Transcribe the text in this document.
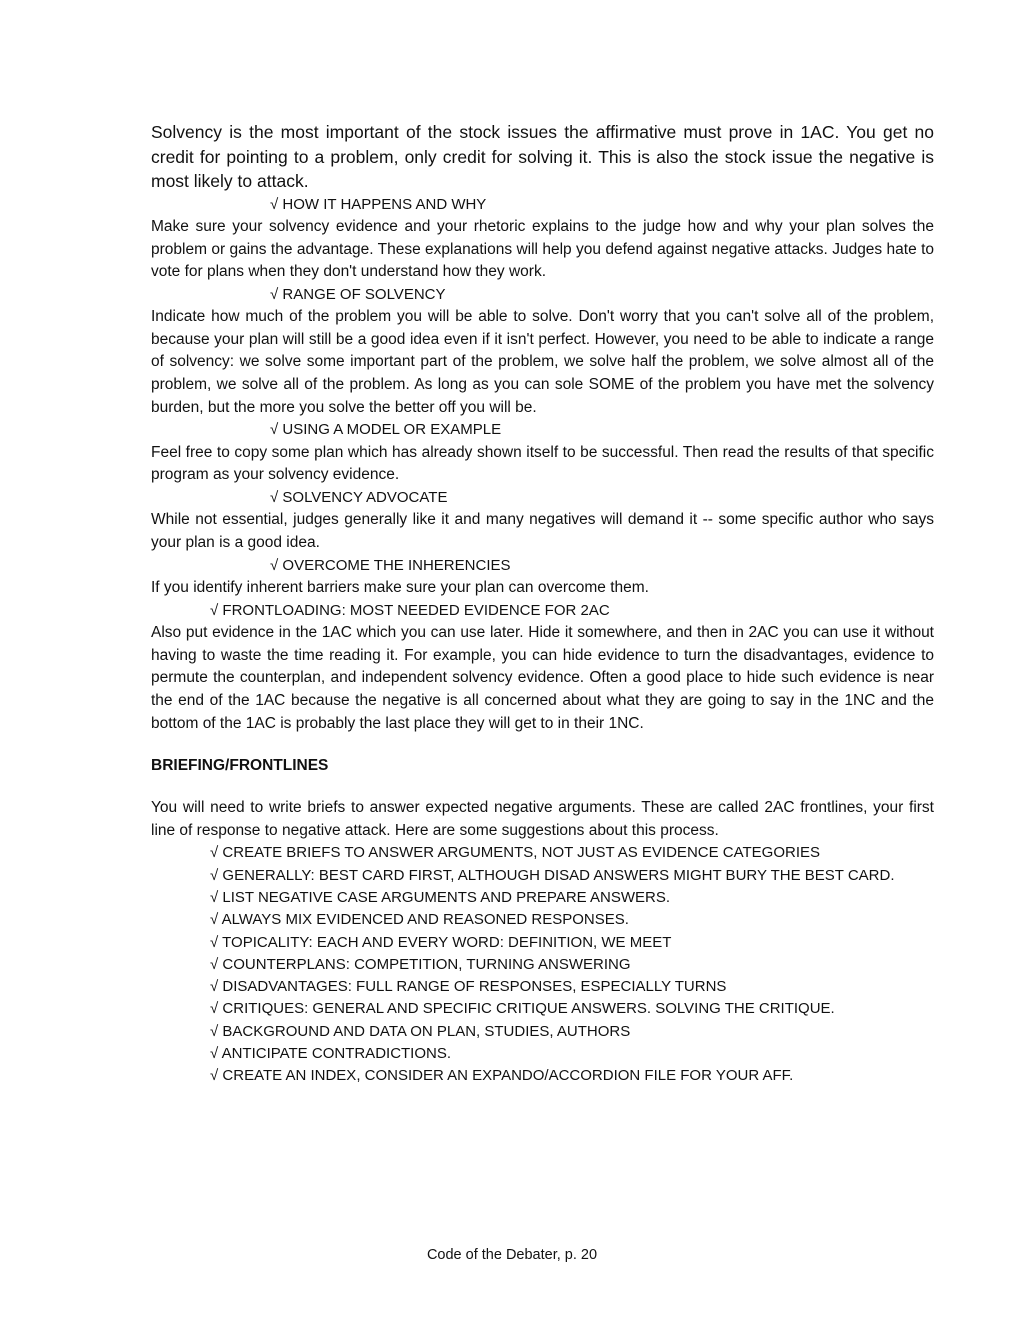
Solvency is the most important of the stock issues the affirmative must prove in 1AC. You get no credit for pointing to a problem, only credit for solving it. This is also the stock issue the negative is most likely to attack.

√ HOW IT HAPPENS AND WHY

Make sure your solvency evidence and your rhetoric explains to the judge how and why your plan solves the problem or gains the advantage. These explanations will help you defend against negative attacks. Judges hate to vote for plans when they don't understand how they work.

√ RANGE OF SOLVENCY

Indicate how much of the problem you will be able to solve. Don't worry that you can't solve all of the problem, because your plan will still be a good idea even if it isn't perfect. However, you need to be able to indicate a range of solvency: we solve some important part of the problem, we solve half the problem, we solve almost all of the problem, we solve all of the problem. As long as you can sole SOME of the problem you have met the solvency burden, but the more you solve the better off you will be.

√ USING A MODEL OR EXAMPLE

Feel free to copy some plan which has already shown itself to be successful. Then read the results of that specific program as your solvency evidence.

√ SOLVENCY ADVOCATE

While not essential, judges generally like it and many negatives will demand it -- some specific author who says your plan is a good idea.

√ OVERCOME THE INHERENCIES

If you identify inherent barriers make sure your plan can overcome them.

√ FRONTLOADING: MOST NEEDED EVIDENCE FOR 2AC

Also put evidence in the 1AC which you can use later. Hide it somewhere, and then in 2AC you can use it without having to waste the time reading it. For example, you can hide evidence to turn the disadvantages, evidence to permute the counterplan, and independent solvency evidence. Often a good place to hide such evidence is near the end of the 1AC because the negative is all concerned about what they are going to say in the 1NC and the bottom of the 1AC is probably the last place they will get to in their 1NC.

BRIEFING/FRONTLINES

You will need to write briefs to answer expected negative arguments. These are called 2AC frontlines, your first line of response to negative attack. Here are some suggestions about this process.

√ CREATE BRIEFS TO ANSWER ARGUMENTS, NOT JUST AS EVIDENCE CATEGORIES

√ GENERALLY: BEST CARD FIRST, ALTHOUGH DISAD ANSWERS MIGHT BURY THE BEST CARD.

√ LIST NEGATIVE CASE ARGUMENTS AND PREPARE ANSWERS.

√ ALWAYS MIX EVIDENCED AND REASONED RESPONSES.

√ TOPICALITY: EACH AND EVERY WORD: DEFINITION, WE MEET

√ COUNTERPLANS: COMPETITION, TURNING ANSWERING

√ DISADVANTAGES: FULL RANGE OF RESPONSES, ESPECIALLY TURNS

√ CRITIQUES: GENERAL AND SPECIFIC CRITIQUE ANSWERS. SOLVING THE CRITIQUE.

√ BACKGROUND AND DATA ON PLAN, STUDIES, AUTHORS

√ ANTICIPATE CONTRADICTIONS.

√ CREATE AN INDEX, CONSIDER AN EXPANDO/ACCORDION FILE FOR YOUR AFF.

Code of the Debater, p. 20
